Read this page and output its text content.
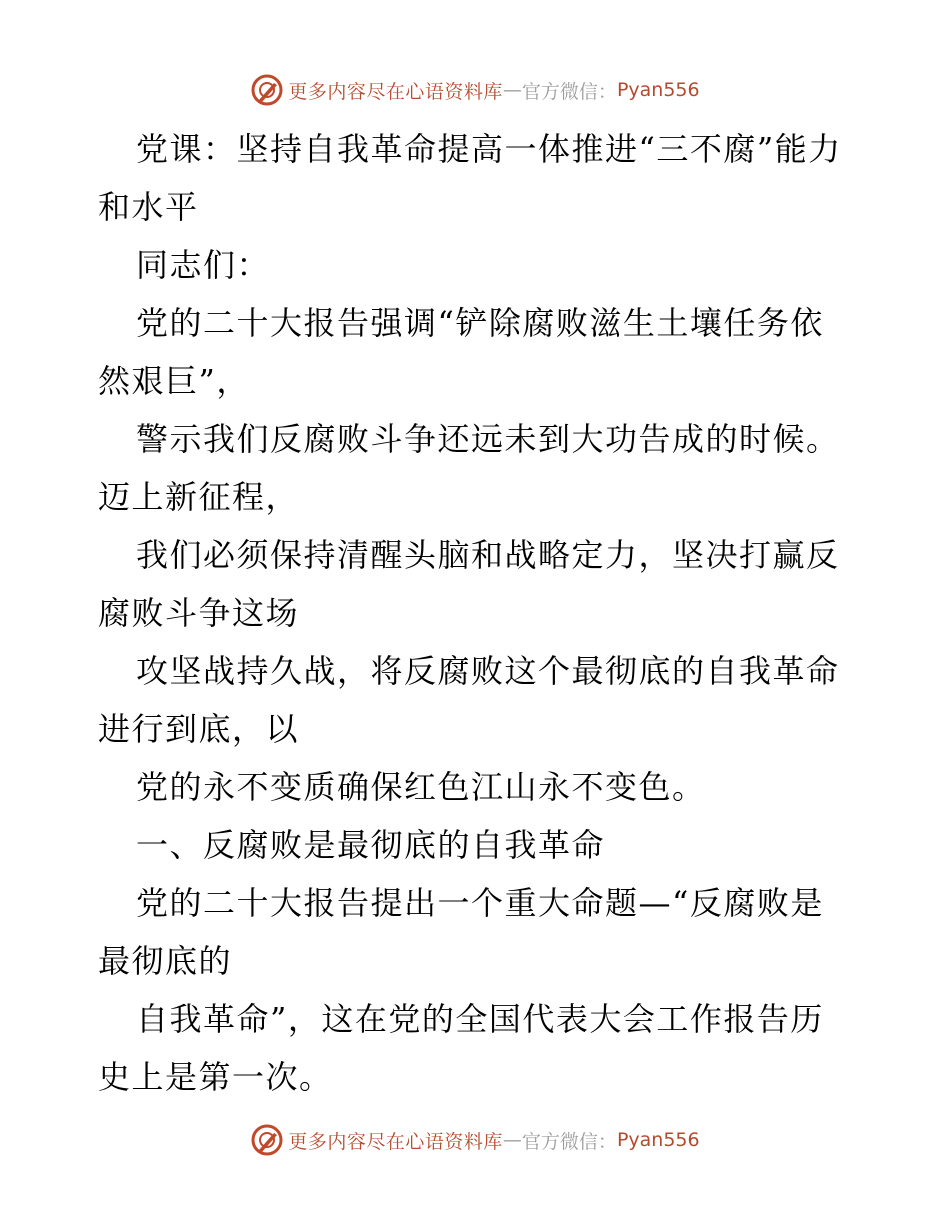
更多内容尽在心语资料库 — 官方微信： Pyan556

党课：坚持自我革命提高一体推进“三不腐”能力和水平

同志们：

党的二十大报告强调“铲除腐败滋生土壤任务依然艰巨”，

警示我们反腐败斗争还远未到大功告成的时候。迈上新征程，

我们必须保持清醒头脑和战略定力，坚决打赢反腐败斗争这场

攻坚战持久战，将反腐败这个最彻底的自我革命进行到底，以

党的永不变质确保红色江山永不变色。

一、反腐败是最彻底的自我革命

党的二十大报告提出一个重大命题—“反腐败是最彻底的

自我革命”，这在党的全国代表大会工作报告历史上是第一次。

更多内容尽在心语资料库 — 官方微信： Pyan556
